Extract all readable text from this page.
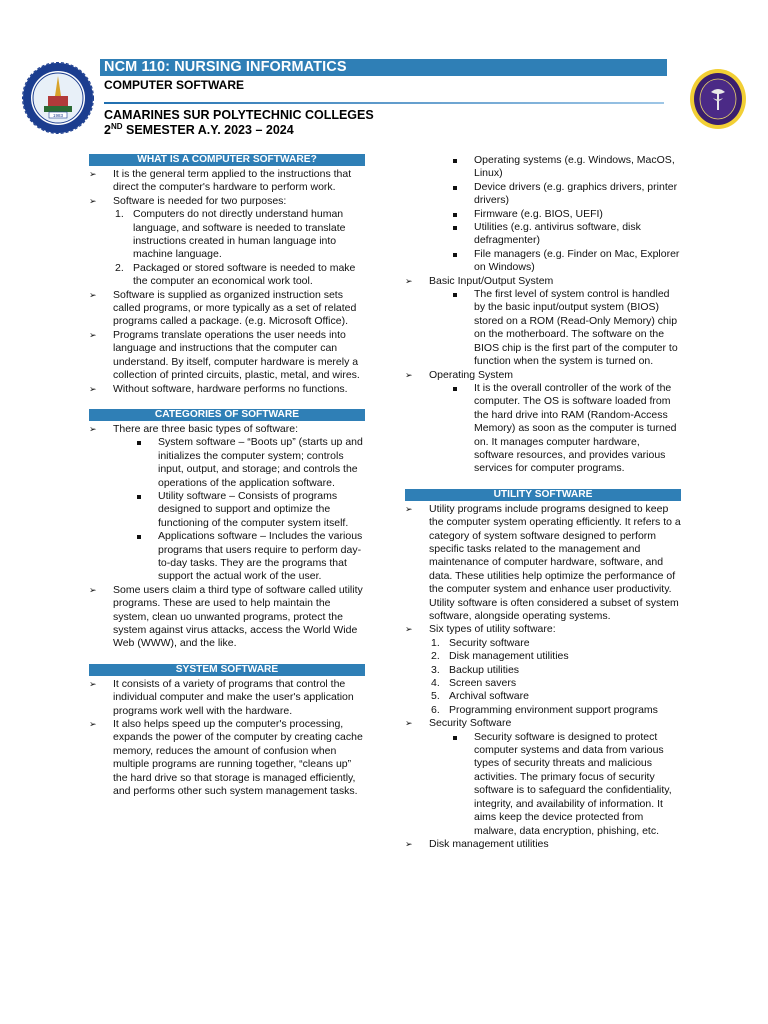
1983
NCM 110: NURSING INFORMATICS
COMPUTER SOFTWARE
CAMARINES SUR POLYTECHNIC COLLEGES
2ND SEMESTER A.Y. 2023 – 2024
WHAT IS A COMPUTER SOFTWARE?
➢ It is the general term applied to the instructions that direct the computer's hardware to perform work.
➢ Software is needed for two purposes:
1. Computers do not directly understand human language, and software is needed to translate instructions created in human language into machine language.
2. Packaged or stored software is needed to make the computer an economical work tool.
➢ Software is supplied as organized instruction sets called programs, or more typically as a set of related programs called a package. (e.g. Microsoft Office).
➢ Programs translate operations the user needs into language and instructions that the computer can understand. By itself, computer hardware is merely a collection of printed circuits, plastic, metal, and wires.
➢ Without software, hardware performs no functions.
CATEGORIES OF SOFTWARE
➢ There are three basic types of software:
System software – “Boots up” (starts up and initializes the computer system; controls input, output, and storage; and controls the operations of the application software.
Utility software – Consists of programs designed to support and optimize the functioning of the computer system itself.
Applications software – Includes the various programs that users require to perform day-to-day tasks. They are the programs that support the actual work of the user.
➢ Some users claim a third type of software called utility programs. These are used to help maintain the system, clean uo unwanted programs, protect the system against virus attacks, access the World Wide Web (WWW), and the like.
SYSTEM SOFTWARE
➢ It consists of a variety of programs that control the individual computer and make the user's application programs work well with the hardware.
➢ It also helps speed up the computer's processing, expands the power of the computer by creating cache memory, reduces the amount of confusion when multiple programs are running together, “cleans up” the hard drive so that storage is managed efficiently, and performs other such system management tasks.
Operating systems (e.g. Windows, MacOS, Linux)
Device drivers (e.g. graphics drivers, printer drivers)
Firmware (e.g. BIOS, UEFI)
Utilities (e.g. antivirus software, disk defragmenter)
File managers (e.g. Finder on Mac, Explorer on Windows)
➢ Basic Input/Output System
The first level of system control is handled by the basic input/output system (BIOS) stored on a ROM (Read-Only Memory) chip on the motherboard. The software on the BIOS chip is the first part of the computer to function when the system is turned on.
➢ Operating System
It is the overall controller of the work of the computer. The OS is software loaded from the hard drive into RAM (Random-Access Memory) as soon as the computer is turned on. It manages computer hardware, software resources, and provides various services for computer programs.
UTILITY SOFTWARE
➢ Utility programs include programs designed to keep the computer system operating efficiently. It refers to a category of system software designed to perform specific tasks related to the management and maintenance of computer hardware, software, and data. These utilities help optimize the performance of the computer system and enhance user productivity. Utility software is often considered a subset of system software, alongside operating systems.
➢ Six types of utility software:
1. Security software
2. Disk management utilities
3. Backup utilities
4. Screen savers
5. Archival software
6. Programming environment support programs
➢ Security Software
Security software is designed to protect computer systems and data from various types of security threats and malicious activities. The primary focus of security software is to safeguard the confidentiality, integrity, and availability of information. It aims keep the device protected from malware, data encryption, phishing, etc.
➢ Disk management utilities
